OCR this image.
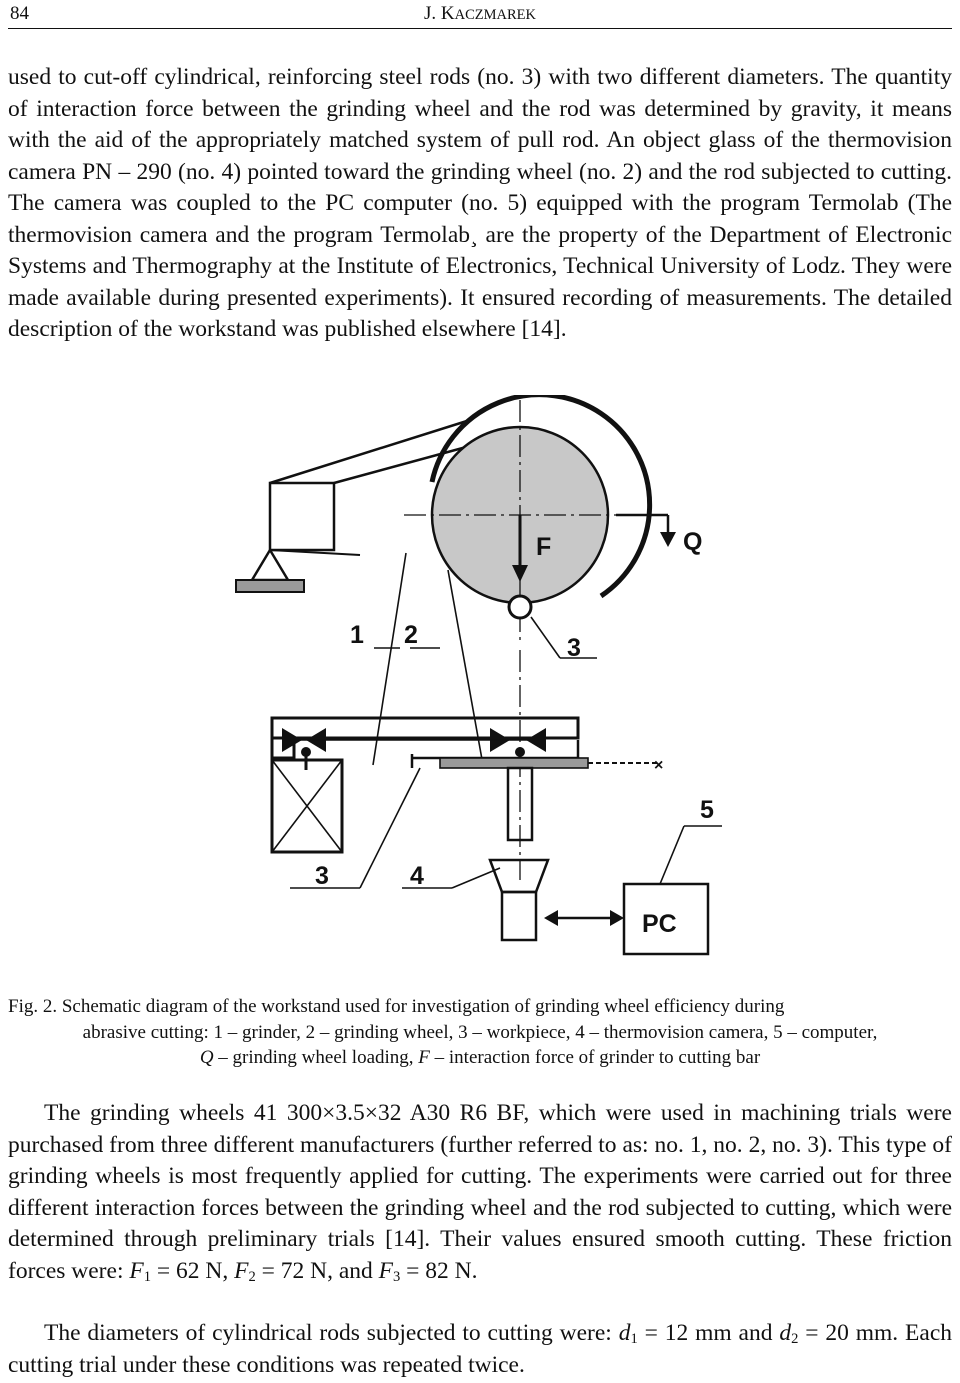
84	J. KACZMAREK

used to cut-off cylindrical, reinforcing steel rods (no. 3) with two different diameters. The quantity of interaction force between the grinding wheel and the rod was determined by gravity, it means with the aid of the appropriately matched system of pull rod. An object glass of the thermovision camera PN – 290 (no. 4) pointed toward the grinding wheel (no. 2) and the rod subjected to cutting. The camera was coupled to the PC computer (no. 5) equipped with the program Termolab (The thermovision camera and the program Termolab¸ are the property of the Department of Electronic Systems and Thermography at the Institute of Electronics, Technical University of Lodz. They were made available during presented experiments). It ensured recording of measurements. The detailed description of the workstand was published elsewhere [14].

×
F	Q
1 2	3
3	4
5
PC
Fig. 2. Schematic diagram of the workstand used for investigation of grinding wheel efficiency during
abrasive cutting: 1 – grinder, 2 – grinding wheel, 3 – workpiece, 4 – thermovision camera, 5 – computer,
Q – grinding wheel loading, F – interaction force of grinder to cutting bar

The grinding wheels 41 300×3.5×32 A30 R6 BF, which were used in machining trials were purchased from three different manufacturers (further referred to as: no. 1, no. 2, no. 3). This type of grinding wheels is most frequently applied for cutting. The experiments were carried out for three different interaction forces between the grinding wheel and the rod subjected to cutting, which were determined through preliminary trials [14]. Their values ensured smooth cutting. These friction forces were: $F_1 = 62$ N, $F_2 = 72$ N, and $F_3 = 82$ N.

The diameters of cylindrical rods subjected to cutting were: $d_1 = 12$ mm and $d_2 = 20$ mm. Each cutting trial under these conditions was repeated twice.
